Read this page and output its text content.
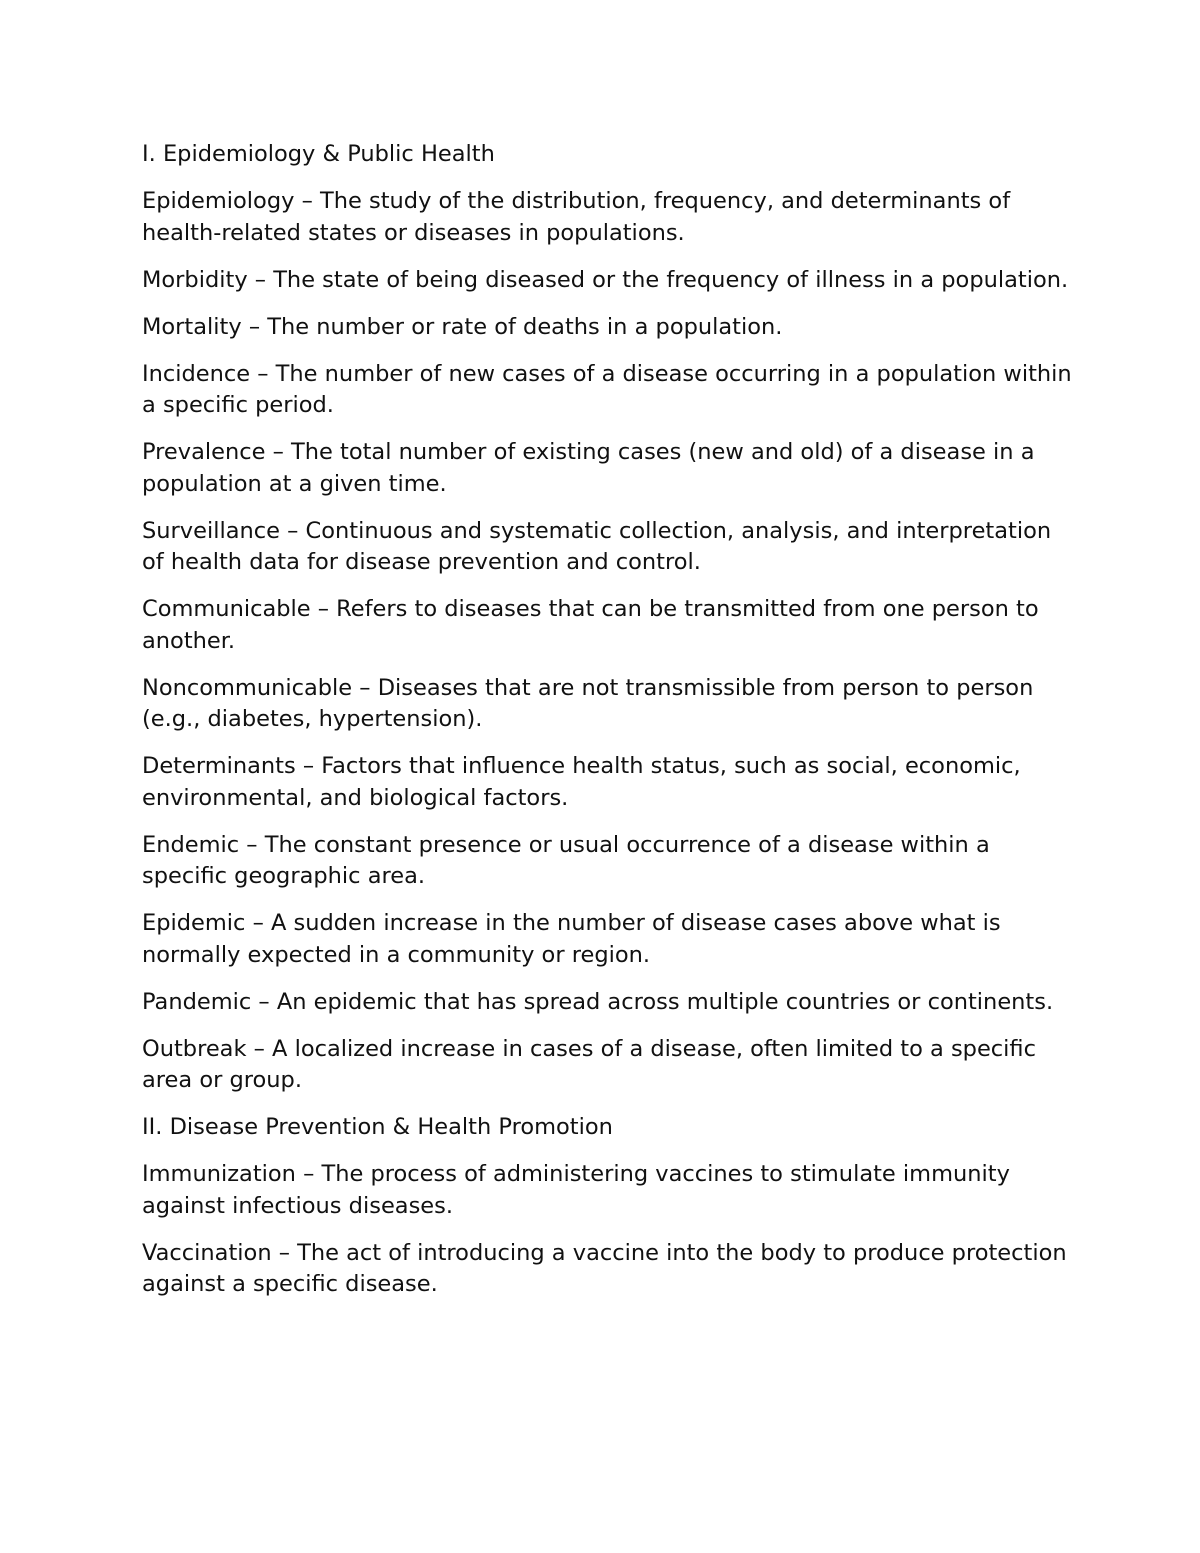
I. Epidemiology & Public Health

Epidemiology – The study of the distribution, frequency, and determinants of health-related states or diseases in populations.

Morbidity – The state of being diseased or the frequency of illness in a population.

Mortality – The number or rate of deaths in a population.

Incidence – The number of new cases of a disease occurring in a population within a specific period.

Prevalence – The total number of existing cases (new and old) of a disease in a population at a given time.

Surveillance – Continuous and systematic collection, analysis, and interpretation of health data for disease prevention and control.

Communicable – Refers to diseases that can be transmitted from one person to another.

Noncommunicable – Diseases that are not transmissible from person to person (e.g., diabetes, hypertension).

Determinants – Factors that influence health status, such as social, economic, environmental, and biological factors.

Endemic – The constant presence or usual occurrence of a disease within a specific geographic area.

Epidemic – A sudden increase in the number of disease cases above what is normally expected in a community or region.

Pandemic – An epidemic that has spread across multiple countries or continents.

Outbreak – A localized increase in cases of a disease, often limited to a specific area or group.

II. Disease Prevention & Health Promotion

Immunization – The process of administering vaccines to stimulate immunity against infectious diseases.

Vaccination – The act of introducing a vaccine into the body to produce protection against a specific disease.
